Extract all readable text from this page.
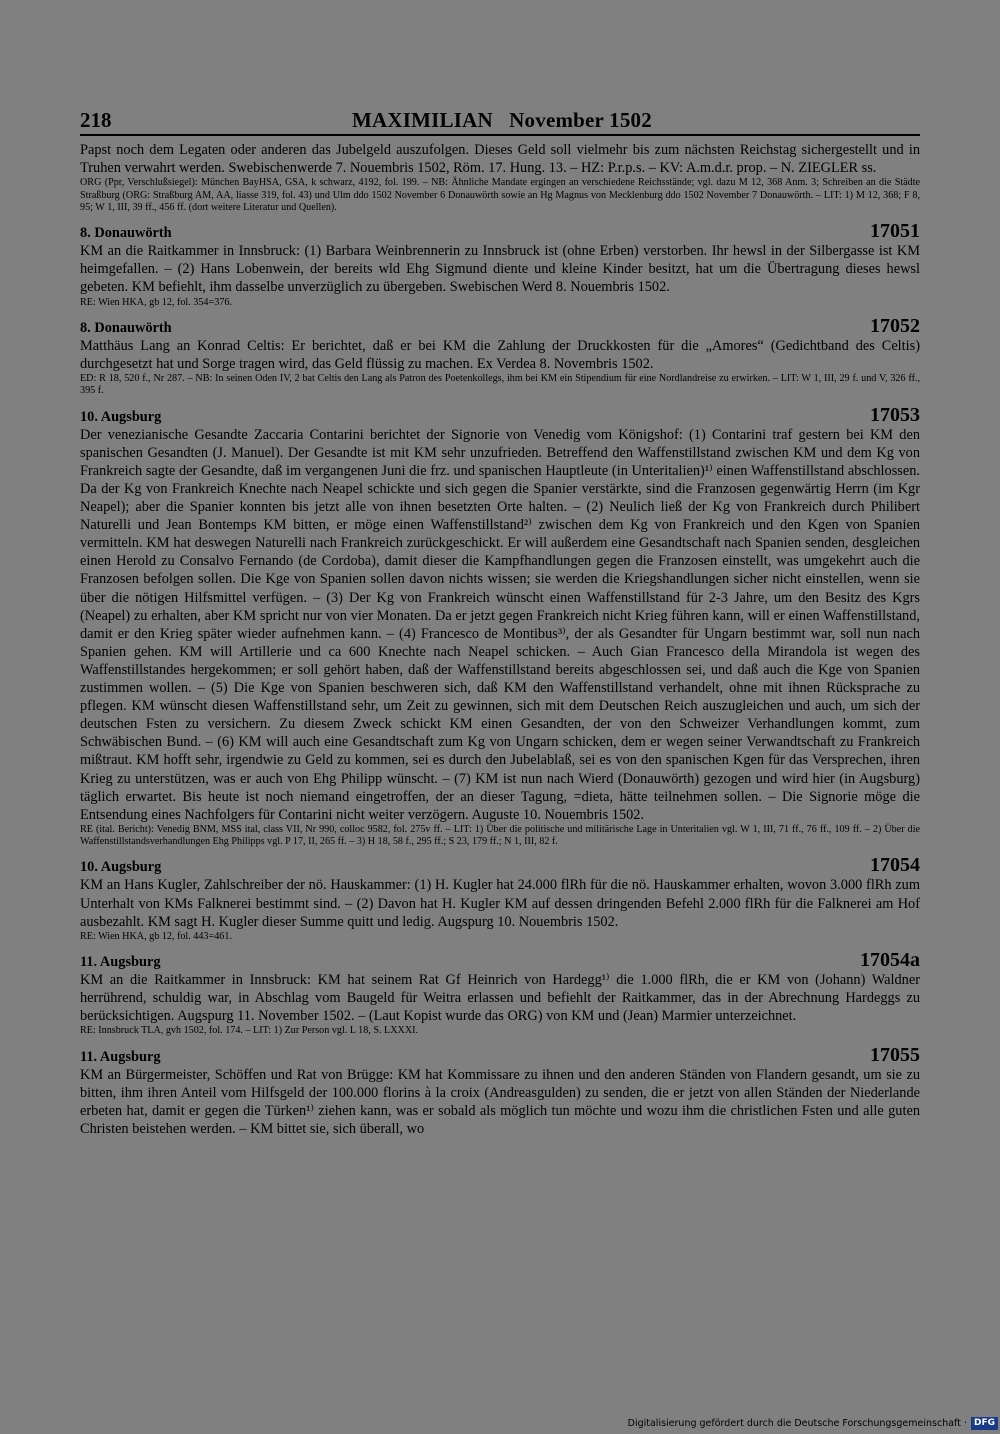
218	MAXIMILIAN   November 1502

Papst noch dem Legaten oder anderen das Jubelgeld auszufolgen. Dieses Geld soll vielmehr bis zum nächsten Reichstag sichergestellt und in Truhen verwahrt werden. Swebischenwerde 7. Nouembris 1502, Röm. 17. Hung. 13. – HZ: P.r.p.s. – KV: A.m.d.r. prop. – N. ZIEGLER ss.

ORG (Ppr, Verschlußsiegel): München BayHSA, GSA, k schwarz, 4192, fol. 199. – NB: Ähnliche Mandate ergingen an verschiedene Reichsstände; vgl. dazu M 12, 368 Anm. 3; Schreiben an die Städte Straßburg (ORG: Straßburg AM, AA, liasse 319, fol. 43) und Ulm ddo 1502 November 6 Donauwörth sowie an Hg Magnus von Mecklenburg ddo 1502 November 7 Donauwörth. – LIT: 1) M 12, 368; F 8, 95; W 1, III, 39 ff., 456 ff. (dort weitere Literatur und Quellen).

8. Donauwörth	17051

KM an die Raitkammer in Innsbruck: (1) Barbara Weinbrennerin zu Innsbruck ist (ohne Erben) verstorben. Ihr hewsl in der Silbergasse ist KM heimgefallen. – (2) Hans Lobenwein, der bereits wld Ehg Sigmund diente und kleine Kinder besitzt, hat um die Übertragung dieses hewsl gebeten. KM befiehlt, ihm dasselbe unverzüglich zu übergeben. Swebischen Werd 8. Nouembris 1502.

RE: Wien HKA, gb 12, fol. 354=376.

8. Donauwörth	17052

Matthäus Lang an Konrad Celtis: Er berichtet, daß er bei KM die Zahlung der Druckkosten für die „Amores“ (Gedichtband des Celtis) durchgesetzt hat und Sorge tragen wird, das Geld flüssig zu machen. Ex Verdea 8. Novembris 1502.

ED: R 18, 520 f., Nr 287. – NB: In seinen Oden IV, 2 bat Celtis den Lang als Patron des Poetenkollegs, ihm bei KM ein Stipendium für eine Nordlandreise zu erwirken. – LIT: W 1, III, 29 f. und V, 326 ff., 395 f.

10. Augsburg	17053

Der venezianische Gesandte Zaccaria Contarini berichtet der Signorie von Venedig vom Königshof: (1) Contarini traf gestern bei KM den spanischen Gesandten (J. Manuel). Der Gesandte ist mit KM sehr unzufrieden. Betreffend den Waffenstillstand zwischen KM und dem Kg von Frankreich sagte der Gesandte, daß im vergangenen Juni die frz. und spanischen Hauptleute (in Unteritalien)¹⁾ einen Waffenstillstand abschlossen. Da der Kg von Frankreich Knechte nach Neapel schickte und sich gegen die Spanier verstärkte, sind die Franzosen gegenwärtig Herrn (im Kgr Neapel); aber die Spanier konnten bis jetzt alle von ihnen besetzten Orte halten. – (2) Neulich ließ der Kg von Frankreich durch Philibert Naturelli und Jean Bontemps KM bitten, er möge einen Waffenstillstand²⁾ zwischen dem Kg von Frankreich und den Kgen von Spanien vermitteln. KM hat deswegen Naturelli nach Frankreich zurückgeschickt. Er will außerdem eine Gesandtschaft nach Spanien senden, desgleichen einen Herold zu Consalvo Fernando (de Cordoba), damit dieser die Kampfhandlungen gegen die Franzosen einstellt, was umgekehrt auch die Franzosen befolgen sollen. Die Kge von Spanien sollen davon nichts wissen; sie werden die Kriegshandlungen sicher nicht einstellen, wenn sie über die nötigen Hilfsmittel verfügen. – (3) Der Kg von Frankreich wünscht einen Waffenstillstand für 2-3 Jahre, um den Besitz des Kgrs (Neapel) zu erhalten, aber KM spricht nur von vier Monaten. Da er jetzt gegen Frankreich nicht Krieg führen kann, will er einen Waffenstillstand, damit er den Krieg später wieder aufnehmen kann. – (4) Francesco de Montibus³⁾, der als Gesandter für Ungarn bestimmt war, soll nun nach Spanien gehen. KM will Artillerie und ca 600 Knechte nach Neapel schicken. – Auch Gian Francesco della Mirandola ist wegen des Waffenstillstandes hergekommen; er soll gehört haben, daß der Waffenstillstand bereits abgeschlossen sei, und daß auch die Kge von Spanien zustimmen wollen. – (5) Die Kge von Spanien beschweren sich, daß KM den Waffenstillstand verhandelt, ohne mit ihnen Rücksprache zu pflegen. KM wünscht diesen Waffenstillstand sehr, um Zeit zu gewinnen, sich mit dem Deutschen Reich auszugleichen und auch, um sich der deutschen Fsten zu versichern. Zu diesem Zweck schickt KM einen Gesandten, der von den Schweizer Verhandlungen kommt, zum Schwäbischen Bund. – (6) KM will auch eine Gesandtschaft zum Kg von Ungarn schicken, dem er wegen seiner Verwandtschaft zu Frankreich mißtraut. KM hofft sehr, irgendwie zu Geld zu kommen, sei es durch den Jubelablaß, sei es von den spanischen Kgen für das Versprechen, ihren Krieg zu unterstützen, was er auch von Ehg Philipp wünscht. – (7) KM ist nun nach Wierd (Donauwörth) gezogen und wird hier (in Augsburg) täglich erwartet. Bis heute ist noch niemand eingetroffen, der an dieser Tagung, =dieta, hätte teilnehmen sollen. – Die Signorie möge die Entsendung eines Nachfolgers für Contarini nicht weiter verzögern. Auguste 10. Nouembris 1502.

RE (ital. Bericht): Venedig BNM, MSS ital, class VII, Nr 990, colloc 9582, fol. 275v ff. – LIT: 1) Über die politische und militärische Lage in Unteritalien vgl. W 1, III, 71 ff., 76 ff., 109 ff. – 2) Über die Waffenstillstandsverhandlungen Ehg Philipps vgl. P 17, II, 265 ff. – 3) H 18, 58 f., 295 ff.; S 23, 179 ff.; N 1, III, 82 f.

10. Augsburg	17054

KM an Hans Kugler, Zahlschreiber der nö. Hauskammer: (1) H. Kugler hat 24.000 flRh für die nö. Hauskammer erhalten, wovon 3.000 flRh zum Unterhalt von KMs Falknerei bestimmt sind. – (2) Davon hat H. Kugler KM auf dessen dringenden Befehl 2.000 flRh für die Falknerei am Hof ausbezahlt. KM sagt H. Kugler dieser Summe quitt und ledig. Augspurg 10. Nouembris 1502.

RE: Wien HKA, gb 12, fol. 443=461.

11. Augsburg	17054a

KM an die Raitkammer in Innsbruck: KM hat seinem Rat Gf Heinrich von Hardegg¹⁾ die 1.000 flRh, die er KM von (Johann) Waldner herrührend, schuldig war, in Abschlag vom Baugeld für Weitra erlassen und befiehlt der Raitkammer, das in der Abrechnung Hardeggs zu berücksichtigen. Augspurg 11. November 1502. – (Laut Kopist wurde das ORG) von KM und (Jean) Marmier unterzeichnet.

RE: Innsbruck TLA, gvh 1502, fol. 174. – LIT: 1) Zur Person vgl. L 18, S. LXXXI.

11. Augsburg	17055

KM an Bürgermeister, Schöffen und Rat von Brügge: KM hat Kommissare zu ihnen und den anderen Ständen von Flandern gesandt, um sie zu bitten, ihm ihren Anteil vom Hilfsgeld der 100.000 florins à la croix (Andreasgulden) zu senden, die er jetzt von allen Ständen der Niederlande erbeten hat, damit er gegen die Türken¹⁾ ziehen kann, was er sobald als möglich tun möchte und wozu ihm die christlichen Fsten und alle guten Christen beistehen werden. – KM bittet sie, sich überall, wo

Digitalisierung gefördert durch die Deutsche Forschungsgemeinschaft · DFG
